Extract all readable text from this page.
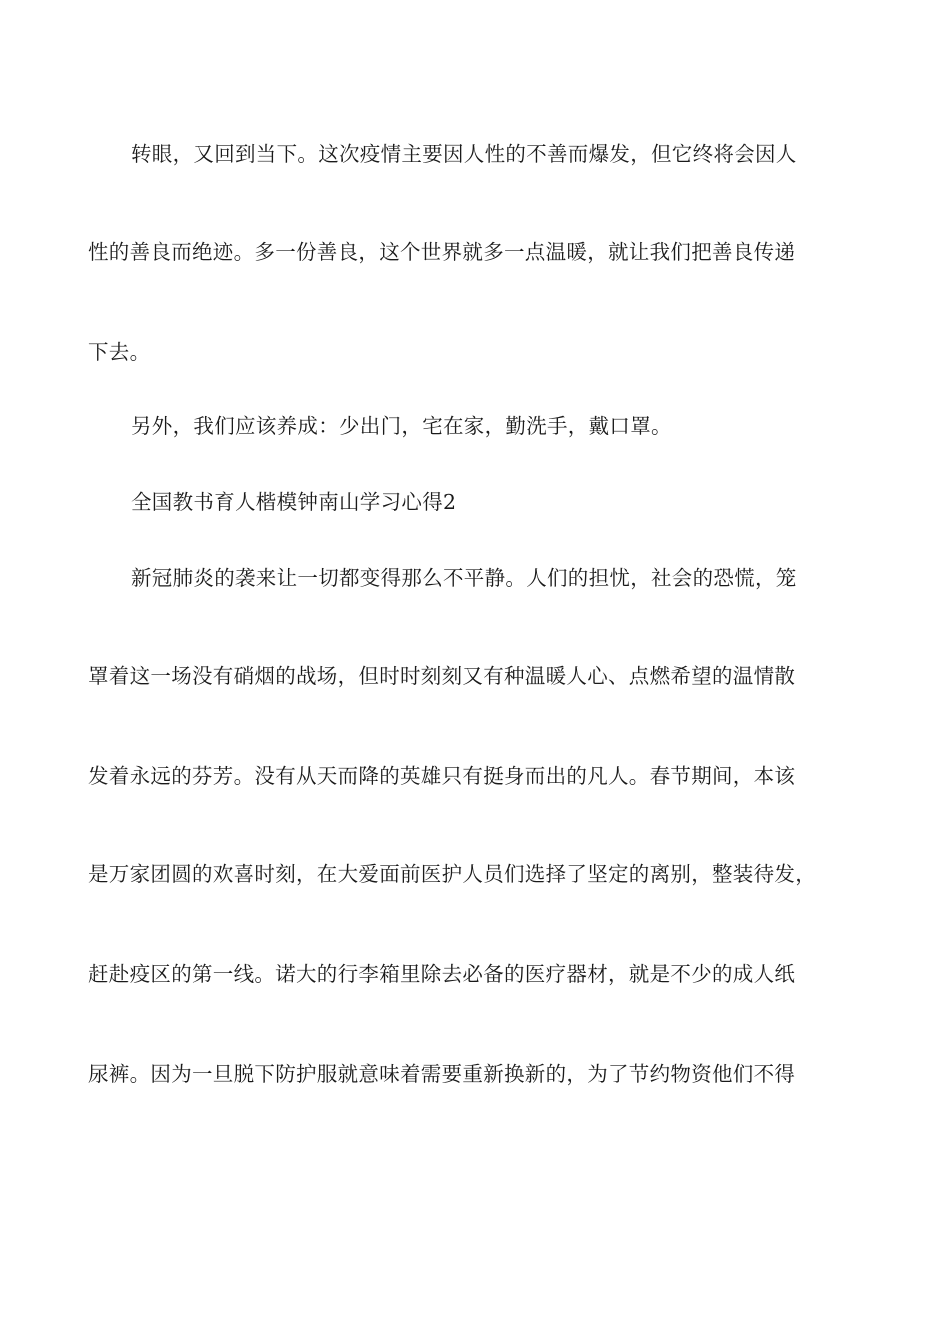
转眼，又回到当下。这次疫情主要因人性的不善而爆发，但它终将会因人
性的善良而绝迹。多一份善良，这个世界就多一点温暖，就让我们把善良传递
下去。
另外，我们应该养成：少出门，宅在家，勤洗手，戴口罩。
全国教书育人楷模钟南山学习心得2
新冠肺炎的袭来让一切都变得那么不平静。人们的担忧，社会的恐慌，笼
罩着这一场没有硝烟的战场，但时时刻刻又有种温暖人心、点燃希望的温情散
发着永远的芬芳。没有从天而降的英雄只有挺身而出的凡人。春节期间，本该
是万家团圆的欢喜时刻，在大爱面前医护人员们选择了坚定的离别，整装待发，
赶赴疫区的第一线。诺大的行李箱里除去必备的医疗器材，就是不少的成人纸
尿裤。因为一旦脱下防护服就意味着需要重新换新的，为了节约物资他们不得
